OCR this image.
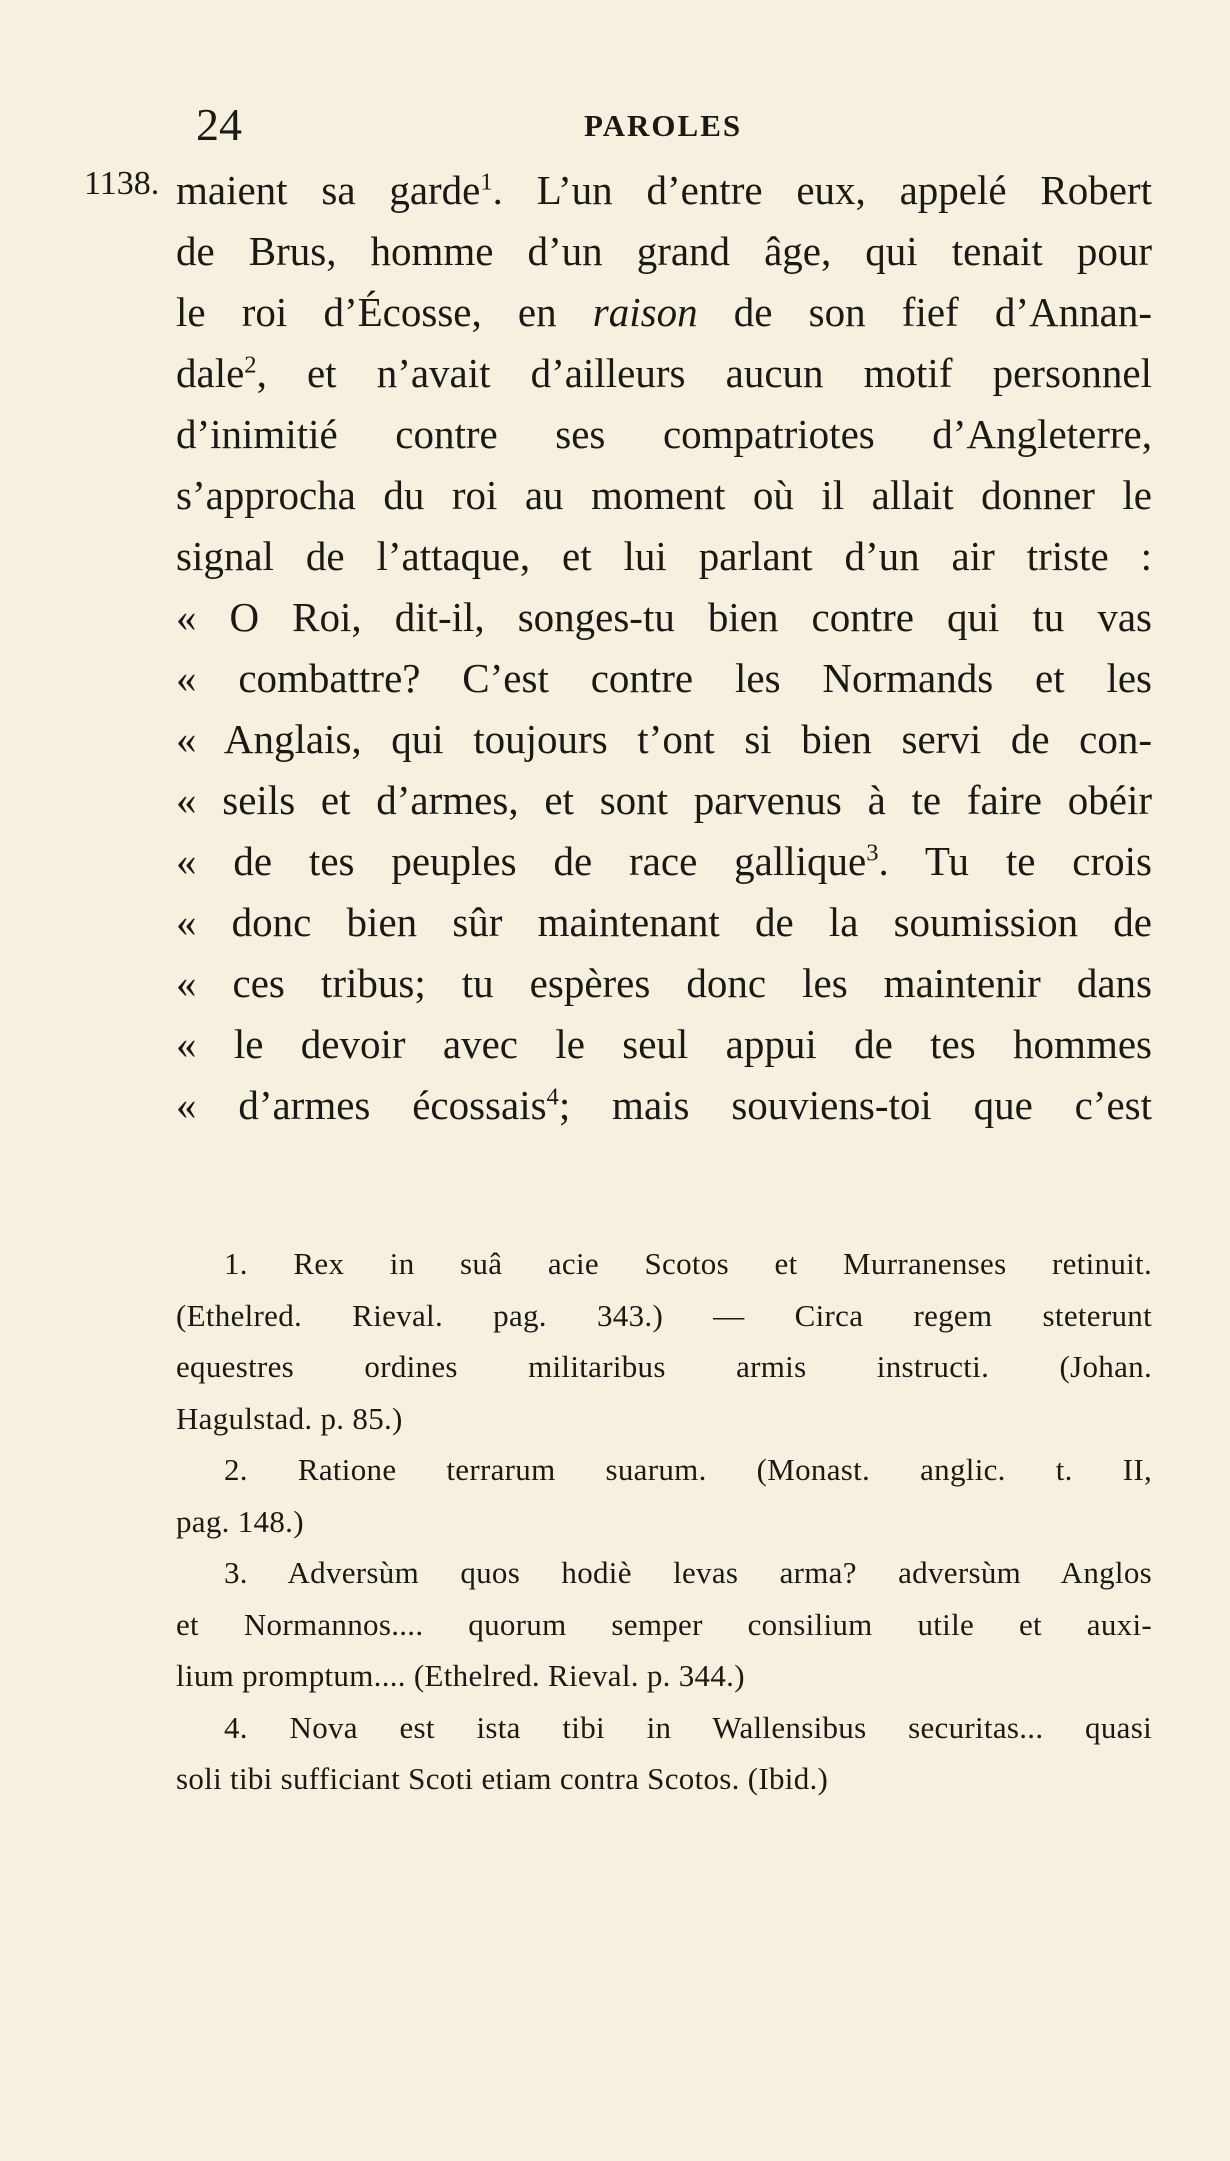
24	PAROLES
1138. maient sa garde$^1$. L’un d’entre eux, appelé Robert
de Brus, homme d’un grand âge, qui tenait pour
le roi d’Écosse, en raison de son fief d’Annan-
dale$^2$, et n’avait d’ailleurs aucun motif personnel
d’inimitié contre ses compatriotes d’Angleterre,
s’approcha du roi au moment où il allait donner le
signal de l’attaque, et lui parlant d’un air triste :
« O Roi, dit-il, songes-tu bien contre qui tu vas
« combattre? C’est contre les Normands et les
« Anglais, qui toujours t’ont si bien servi de con-
« seils et d’armes, et sont parvenus à te faire obéir
« de tes peuples de race gallique$^3$. Tu te crois
« donc bien sûr maintenant de la soumission de
« ces tribus; tu espères donc les maintenir dans
« le devoir avec le seul appui de tes hommes
« d’armes écossais$^4$; mais souviens-toi que c’est
1. Rex in suâ acie Scotos et Murranenses retinuit.
(Ethelred. Rieval. pag. 343.) — Circa regem steterunt
equestres ordines militaribus armis instructi. (Johan.
Hagulstad. p. 85.)
2. Ratione terrarum suarum. (Monast. anglic. t. II,
pag. 148.)
3. Adversùm quos hodiè levas arma? adversùm Anglos
et Normannos.... quorum semper consilium utile et auxi-
lium promptum.... (Ethelred. Rieval. p. 344.)
4. Nova est ista tibi in Wallensibus securitas... quasi
soli tibi sufficiant Scoti etiam contra Scotos. (Ibid.)
